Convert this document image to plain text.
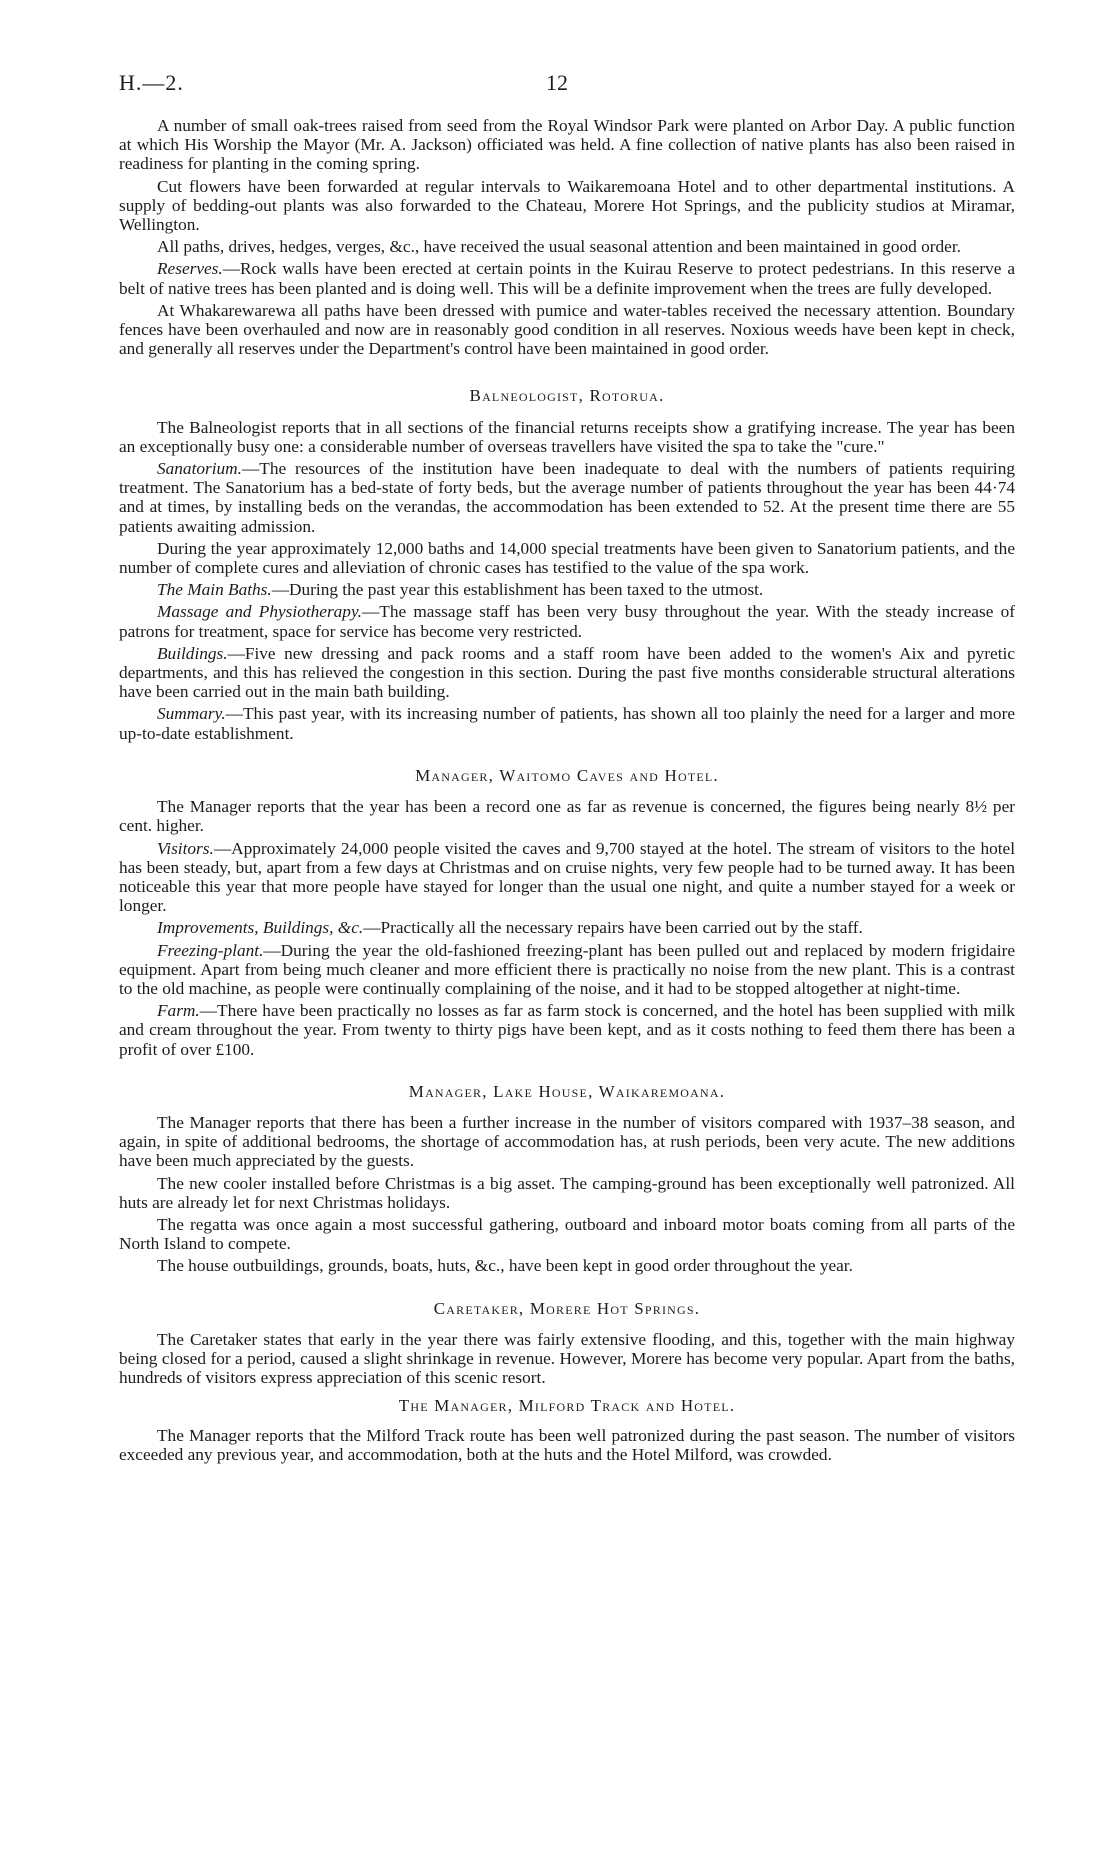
H.—2.	12

A number of small oak-trees raised from seed from the Royal Windsor Park were planted on Arbor Day. A public function at which His Worship the Mayor (Mr. A. Jackson) officiated was held. A fine collection of native plants has also been raised in readiness for planting in the coming spring.

Cut flowers have been forwarded at regular intervals to Waikaremoana Hotel and to other departmental institutions. A supply of bedding-out plants was also forwarded to the Chateau, Morere Hot Springs, and the publicity studios at Miramar, Wellington.

All paths, drives, hedges, verges, &c., have received the usual seasonal attention and been maintained in good order.

Reserves.—Rock walls have been erected at certain points in the Kuirau Reserve to protect pedestrians. In this reserve a belt of native trees has been planted and is doing well. This will be a definite improvement when the trees are fully developed.

At Whakarewarewa all paths have been dressed with pumice and water-tables received the necessary attention. Boundary fences have been overhauled and now are in reasonably good condition in all reserves. Noxious weeds have been kept in check, and generally all reserves under the Department's control have been maintained in good order.

Balneologist, Rotorua.

The Balneologist reports that in all sections of the financial returns receipts show a gratifying increase. The year has been an exceptionally busy one: a considerable number of overseas travellers have visited the spa to take the "cure."

Sanatorium.—The resources of the institution have been inadequate to deal with the numbers of patients requiring treatment. The Sanatorium has a bed-state of forty beds, but the average number of patients throughout the year has been 44·74 and at times, by installing beds on the verandas, the accommodation has been extended to 52. At the present time there are 55 patients awaiting admission.

During the year approximately 12,000 baths and 14,000 special treatments have been given to Sanatorium patients, and the number of complete cures and alleviation of chronic cases has testified to the value of the spa work.

The Main Baths.—During the past year this establishment has been taxed to the utmost.

Massage and Physiotherapy.—The massage staff has been very busy throughout the year. With the steady increase of patrons for treatment, space for service has become very restricted.

Buildings.—Five new dressing and pack rooms and a staff room have been added to the women's Aix and pyretic departments, and this has relieved the congestion in this section. During the past five months considerable structural alterations have been carried out in the main bath building.

Summary.—This past year, with its increasing number of patients, has shown all too plainly the need for a larger and more up-to-date establishment.

Manager, Waitomo Caves and Hotel.

The Manager reports that the year has been a record one as far as revenue is concerned, the figures being nearly 8½ per cent. higher.

Visitors.—Approximately 24,000 people visited the caves and 9,700 stayed at the hotel. The stream of visitors to the hotel has been steady, but, apart from a few days at Christmas and on cruise nights, very few people had to be turned away. It has been noticeable this year that more people have stayed for longer than the usual one night, and quite a number stayed for a week or longer.

Improvements, Buildings, &c.—Practically all the necessary repairs have been carried out by the staff.

Freezing-plant.—During the year the old-fashioned freezing-plant has been pulled out and replaced by modern frigidaire equipment. Apart from being much cleaner and more efficient there is practically no noise from the new plant. This is a contrast to the old machine, as people were continually complaining of the noise, and it had to be stopped altogether at night-time.

Farm.—There have been practically no losses as far as farm stock is concerned, and the hotel has been supplied with milk and cream throughout the year. From twenty to thirty pigs have been kept, and as it costs nothing to feed them there has been a profit of over £100.

Manager, Lake House, Waikaremoana.

The Manager reports that there has been a further increase in the number of visitors compared with 1937–38 season, and again, in spite of additional bedrooms, the shortage of accommodation has, at rush periods, been very acute. The new additions have been much appreciated by the guests.

The new cooler installed before Christmas is a big asset. The camping-ground has been exceptionally well patronized. All huts are already let for next Christmas holidays.

The regatta was once again a most successful gathering, outboard and inboard motor boats coming from all parts of the North Island to compete.

The house outbuildings, grounds, boats, huts, &c., have been kept in good order throughout the year.

Caretaker, Morere Hot Springs.

The Caretaker states that early in the year there was fairly extensive flooding, and this, together with the main highway being closed for a period, caused a slight shrinkage in revenue. However, Morere has become very popular. Apart from the baths, hundreds of visitors express appreciation of this scenic resort.

The Manager, Milford Track and Hotel.

The Manager reports that the Milford Track route has been well patronized during the past season. The number of visitors exceeded any previous year, and accommodation, both at the huts and the Hotel Milford, was crowded.
